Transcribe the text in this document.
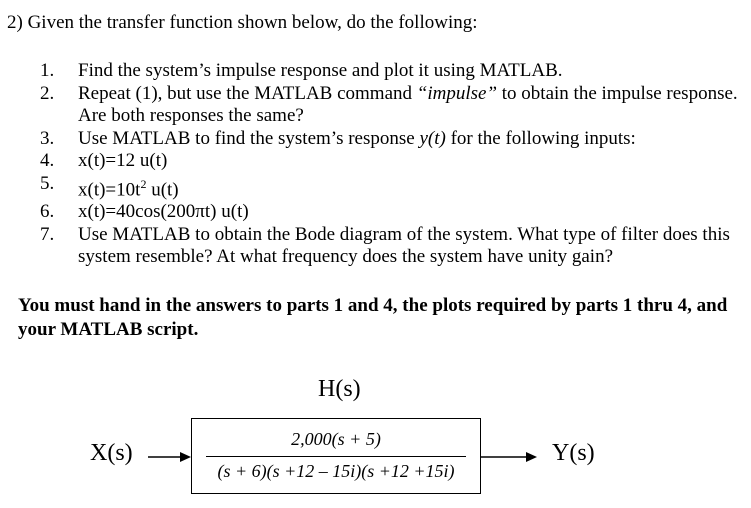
2) Given the transfer function shown below, do the following:
1.	Find the system’s impulse response and plot it using MATLAB.
2.	Repeat (1), but use the MATLAB command “impulse” to obtain the impulse response. Are both responses the same?
3.	Use MATLAB to find the system’s response y(t) for the following inputs:
4.	x(t)=12 u(t)
5.	$x(t)=10t^2$ u(t)
6.	x(t)=40cos(200πt) u(t)
7.	Use MATLAB to obtain the Bode diagram of the system. What type of filter does this system resemble? At what frequency does the system have unity gain?
You must hand in the answers to parts 1 and 4, the plots required by parts 1 thru 4, and your MATLAB script.
H(s)
X(s)	Y(s)
2,000(s + 5)
(s + 6)(s +12 – 15i)(s +12 +15i)
